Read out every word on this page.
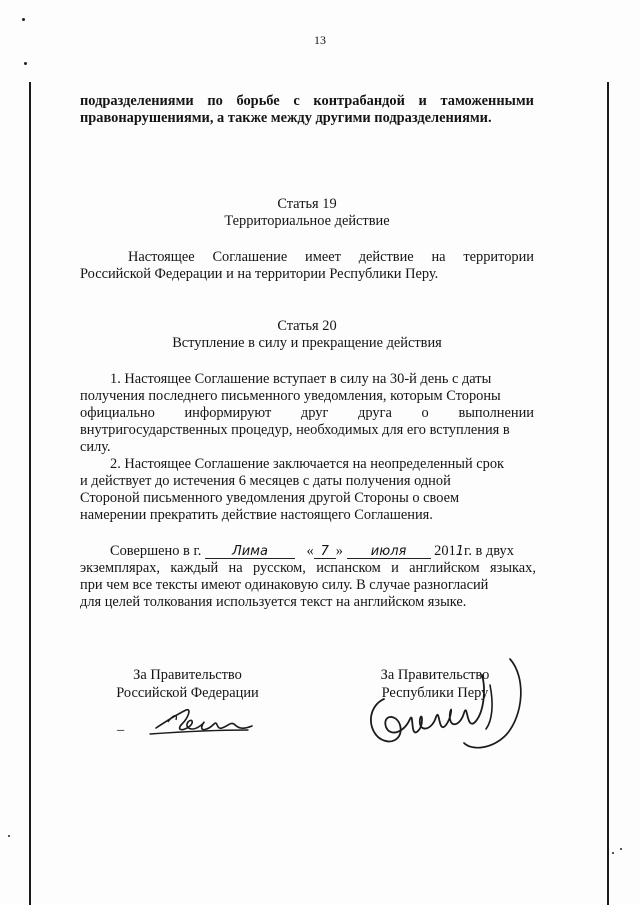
13
подразделениями по борьбе с контрабандой и таможенными
правонарушениями, а также между другими подразделениями.
Статья 19
Территориальное действие
Настоящее Соглашение имеет действие на территории
Российской Федерации и на территории Республики Перу.
Статья 20
Вступление в силу и прекращение действия
1. Настоящее Соглашение вступает в силу на 30-й день с даты
получения последнего письменного уведомления, которым Стороны
официально информируют друг друга о выполнении
внутригосударственных процедур, необходимых для его вступления в
силу.
2. Настоящее Соглашение заключается на неопределенный срок
и действует до истечения 6 месяцев с даты получения одной
Стороной письменного уведомления другой Стороны о своем
намерении прекратить действие настоящего Соглашения.
Совершено в г. Лима	« 7 » июля 2011г. в двух
экземплярах, каждый на русском, испанском и английском языках,
при чем все тексты имеют одинаковую силу. В случае разногласий
для целей толкования используется текст на английском языке.
За Правительство
Российской Федерации
–
За Правительство
Республики Перу
